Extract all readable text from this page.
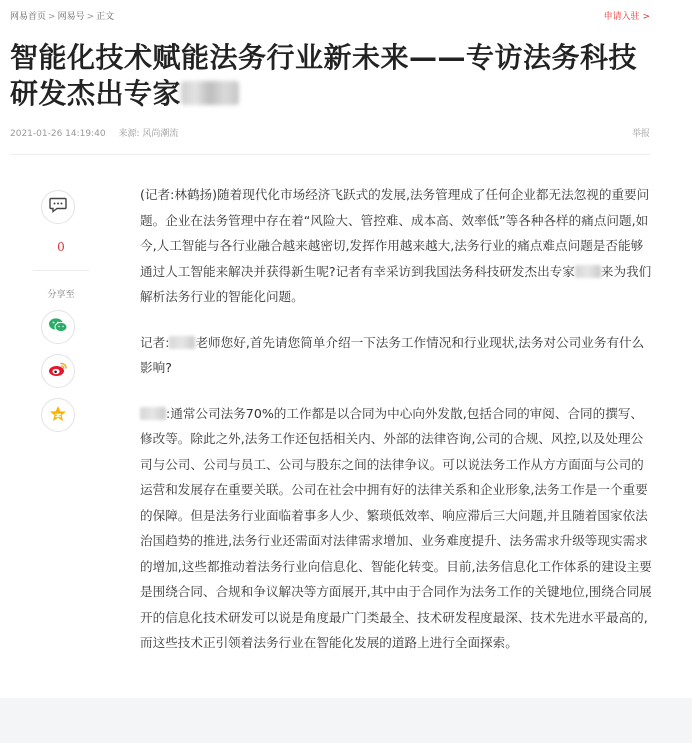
网易首页 > 网易号 > 正文	申请入驻 >
智能化技术赋能法务行业新未来——专访法务科技
研发杰出专家
2021-01-26 14:19:40 来源: 风尚潮流	举报
0
分享至

(记者:林鹤扬)随着现代化市场经济飞跃式的发展,法务管理成了任何企业都无法忽视的重要问题。企业在法务管理中存在着“风险大、管控难、成本高、效率低”等各种各样的痛点问题,如今,人工智能与各行业融合越来越密切,发挥作用越来越大,法务行业的痛点难点问题是否能够通过人工智能来解决并获得新生呢?记者有幸采访到我国法务科技研发杰出专家 来为我们解析法务行业的智能化问题。

记者: 老师您好,首先请您简单介绍一下法务工作情况和行业现状,法务对公司业务有什么影响?

:通常公司法务70%的工作都是以合同为中心向外发散,包括合同的审阅、合同的撰写、修改等。除此之外,法务工作还包括相关内、外部的法律咨询,公司的合规、风控,以及处理公司与公司、公司与员工、公司与股东之间的法律争议。可以说法务工作从方方面面与公司的运营和发展存在重要关联。公司在社会中拥有好的法律关系和企业形象,法务工作是一个重要的保障。但是法务行业面临着事多人少、繁琐低效率、响应滞后三大问题,并且随着国家依法治国趋势的推进,法务行业还需面对法律需求增加、业务难度提升、法务需求升级等现实需求的增加,这些都推动着法务行业向信息化、智能化转变。目前,法务信息化工作体系的建设主要是围绕合同、合规和争议解决等方面展开,其中由于合同作为法务工作的关键地位,围绕合同展开的信息化技术研发可以说是角度最广门类最全、技术研发程度最深、技术先进水平最高的,而这些技术正引领着法务行业在智能化发展的道路上进行全面探索。
